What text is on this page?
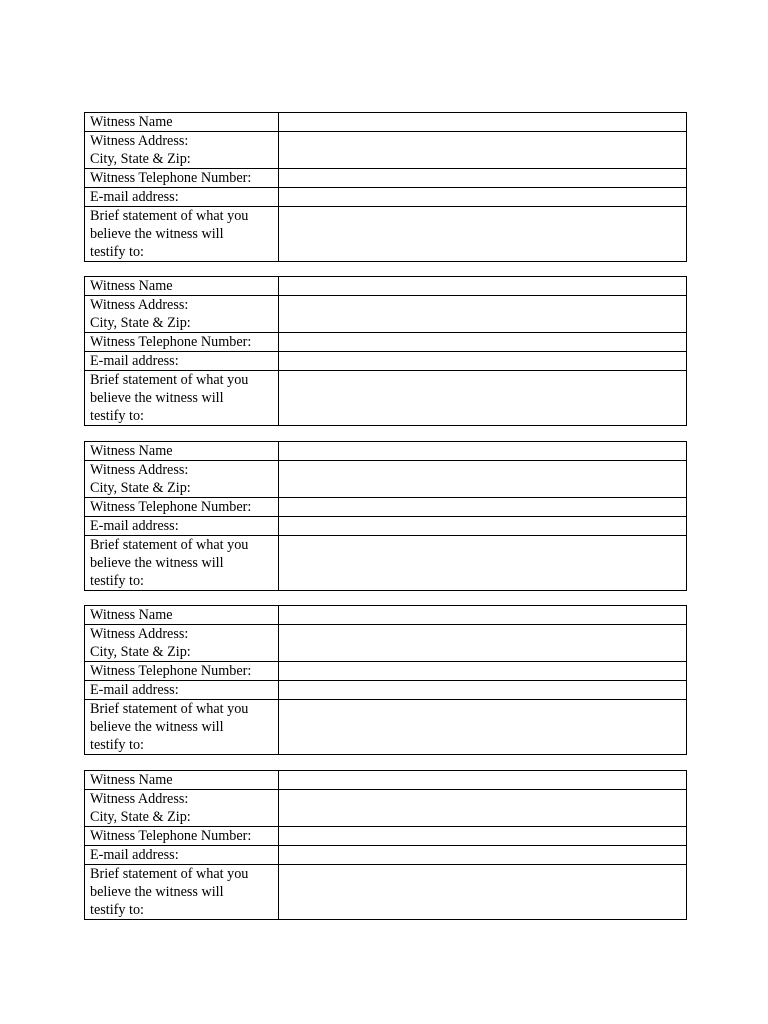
Witness Name	

Witness Address:
City, State & Zip:	

Witness Telephone Number:	
E-mail address:	

Brief statement of what you
believe the witness will
testify to:	

Witness Name	

Witness Address:
City, State & Zip:	

Witness Telephone Number:	
E-mail address:	

Brief statement of what you
believe the witness will
testify to:	

Witness Name	

Witness Address:
City, State & Zip:	

Witness Telephone Number:	
E-mail address:	

Brief statement of what you
believe the witness will
testify to:	

Witness Name	

Witness Address:
City, State & Zip:	

Witness Telephone Number:	
E-mail address:	

Brief statement of what you
believe the witness will
testify to:	

Witness Name	

Witness Address:
City, State & Zip:	

Witness Telephone Number:	
E-mail address:	

Brief statement of what you
believe the witness will
testify to:	
